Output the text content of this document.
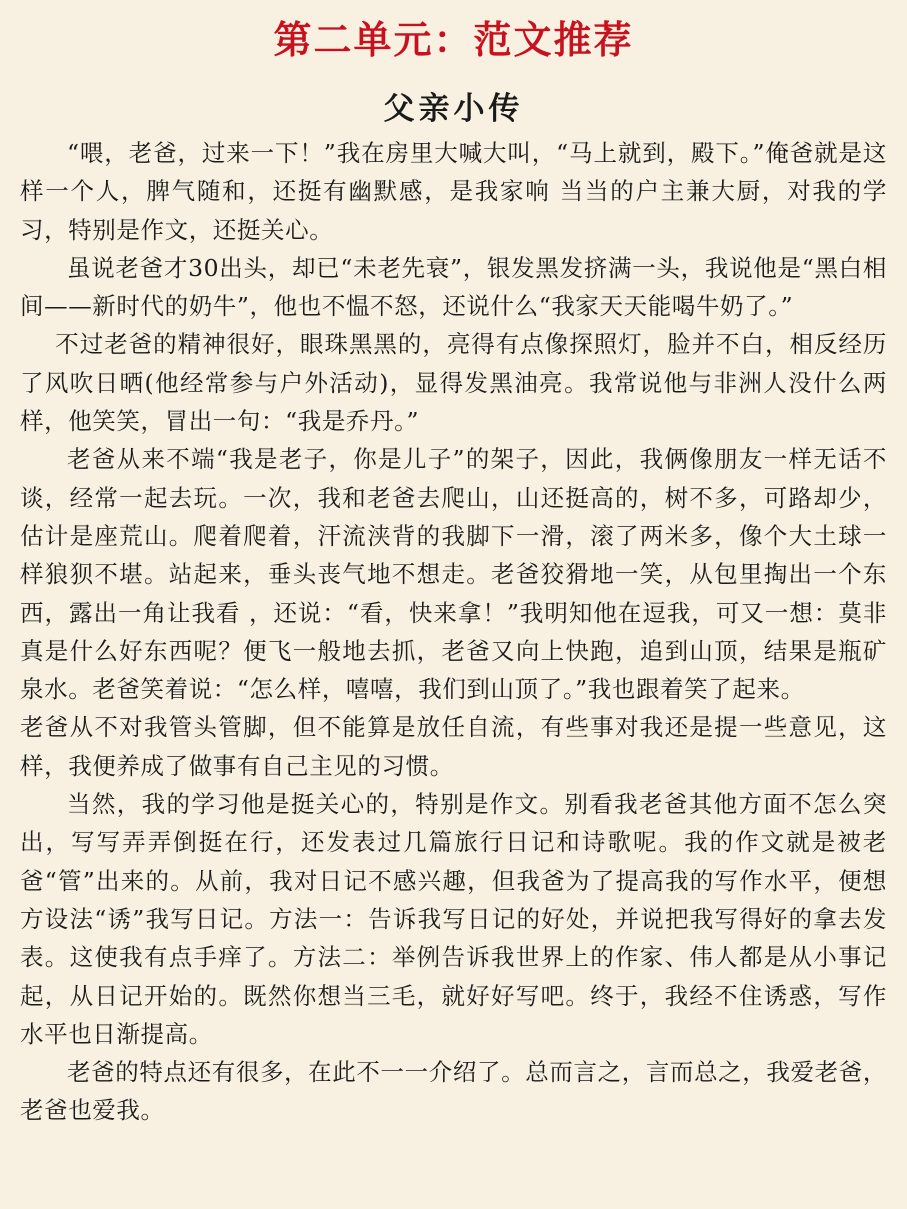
第二单元：范文推荐
父亲小传

“喂，老爸，过来一下！”我在房里大喊大叫，“马上就到，殿下。”俺爸就是这样一个人，脾气随和，还挺有幽默感，是我家响 当当的户主兼大厨，对我的学习，特别是作文，还挺关心。

虽说老爸才30出头，却已“未老先衰”，银发黑发挤满一头，我说他是“黑白相间——新时代的奶牛”，他也不愠不怒，还说什么“我家天天能喝牛奶了。”

不过老爸的精神很好，眼珠黑黑的，亮得有点像探照灯，脸并不白，相反经历了风吹日晒(他经常参与户外活动)，显得发黑油亮。我常说他与非洲人没什么两样，他笑笑，冒出一句：“我是乔丹。”

老爸从来不端“我是老子，你是儿子”的架子，因此，我俩像朋友一样无话不谈，经常一起去玩。一次，我和老爸去爬山，山还挺高的，树不多，可路却少，估计是座荒山。爬着爬着，汗流浃背的我脚下一滑，滚了两米多，像个大土球一样狼狈不堪。站起来，垂头丧气地不想走。老爸狡猾地一笑，从包里掏出一个东西，露出一角让我看 ，还说：“看，快来拿！”我明知他在逗我，可又一想：莫非真是什么好东西呢？便飞一般地去抓，老爸又向上快跑，追到山顶，结果是瓶矿泉水。老爸笑着说：“怎么样，嘻嘻，我们到山顶了。”我也跟着笑了起来。

老爸从不对我管头管脚，但不能算是放任自流，有些事对我还是提一些意见，这样，我便养成了做事有自己主见的习惯。

当然，我的学习他是挺关心的，特别是作文。别看我老爸其他方面不怎么突出，写写弄弄倒挺在行，还发表过几篇旅行日记和诗歌呢。我的作文就是被老爸“管”出来的。从前，我对日记不感兴趣，但我爸为了提高我的写作水平，便想方设法“诱”我写日记。方法一：告诉我写日记的好处，并说把我写得好的拿去发表。这使我有点手痒了。方法二：举例告诉我世界上的作家、伟人都是从小事记起，从日记开始的。既然你想当三毛，就好好写吧。终于，我经不住诱惑，写作水平也日渐提高。

老爸的特点还有很多，在此不一一介绍了。总而言之，言而总之，我爱老爸，老爸也爱我。
